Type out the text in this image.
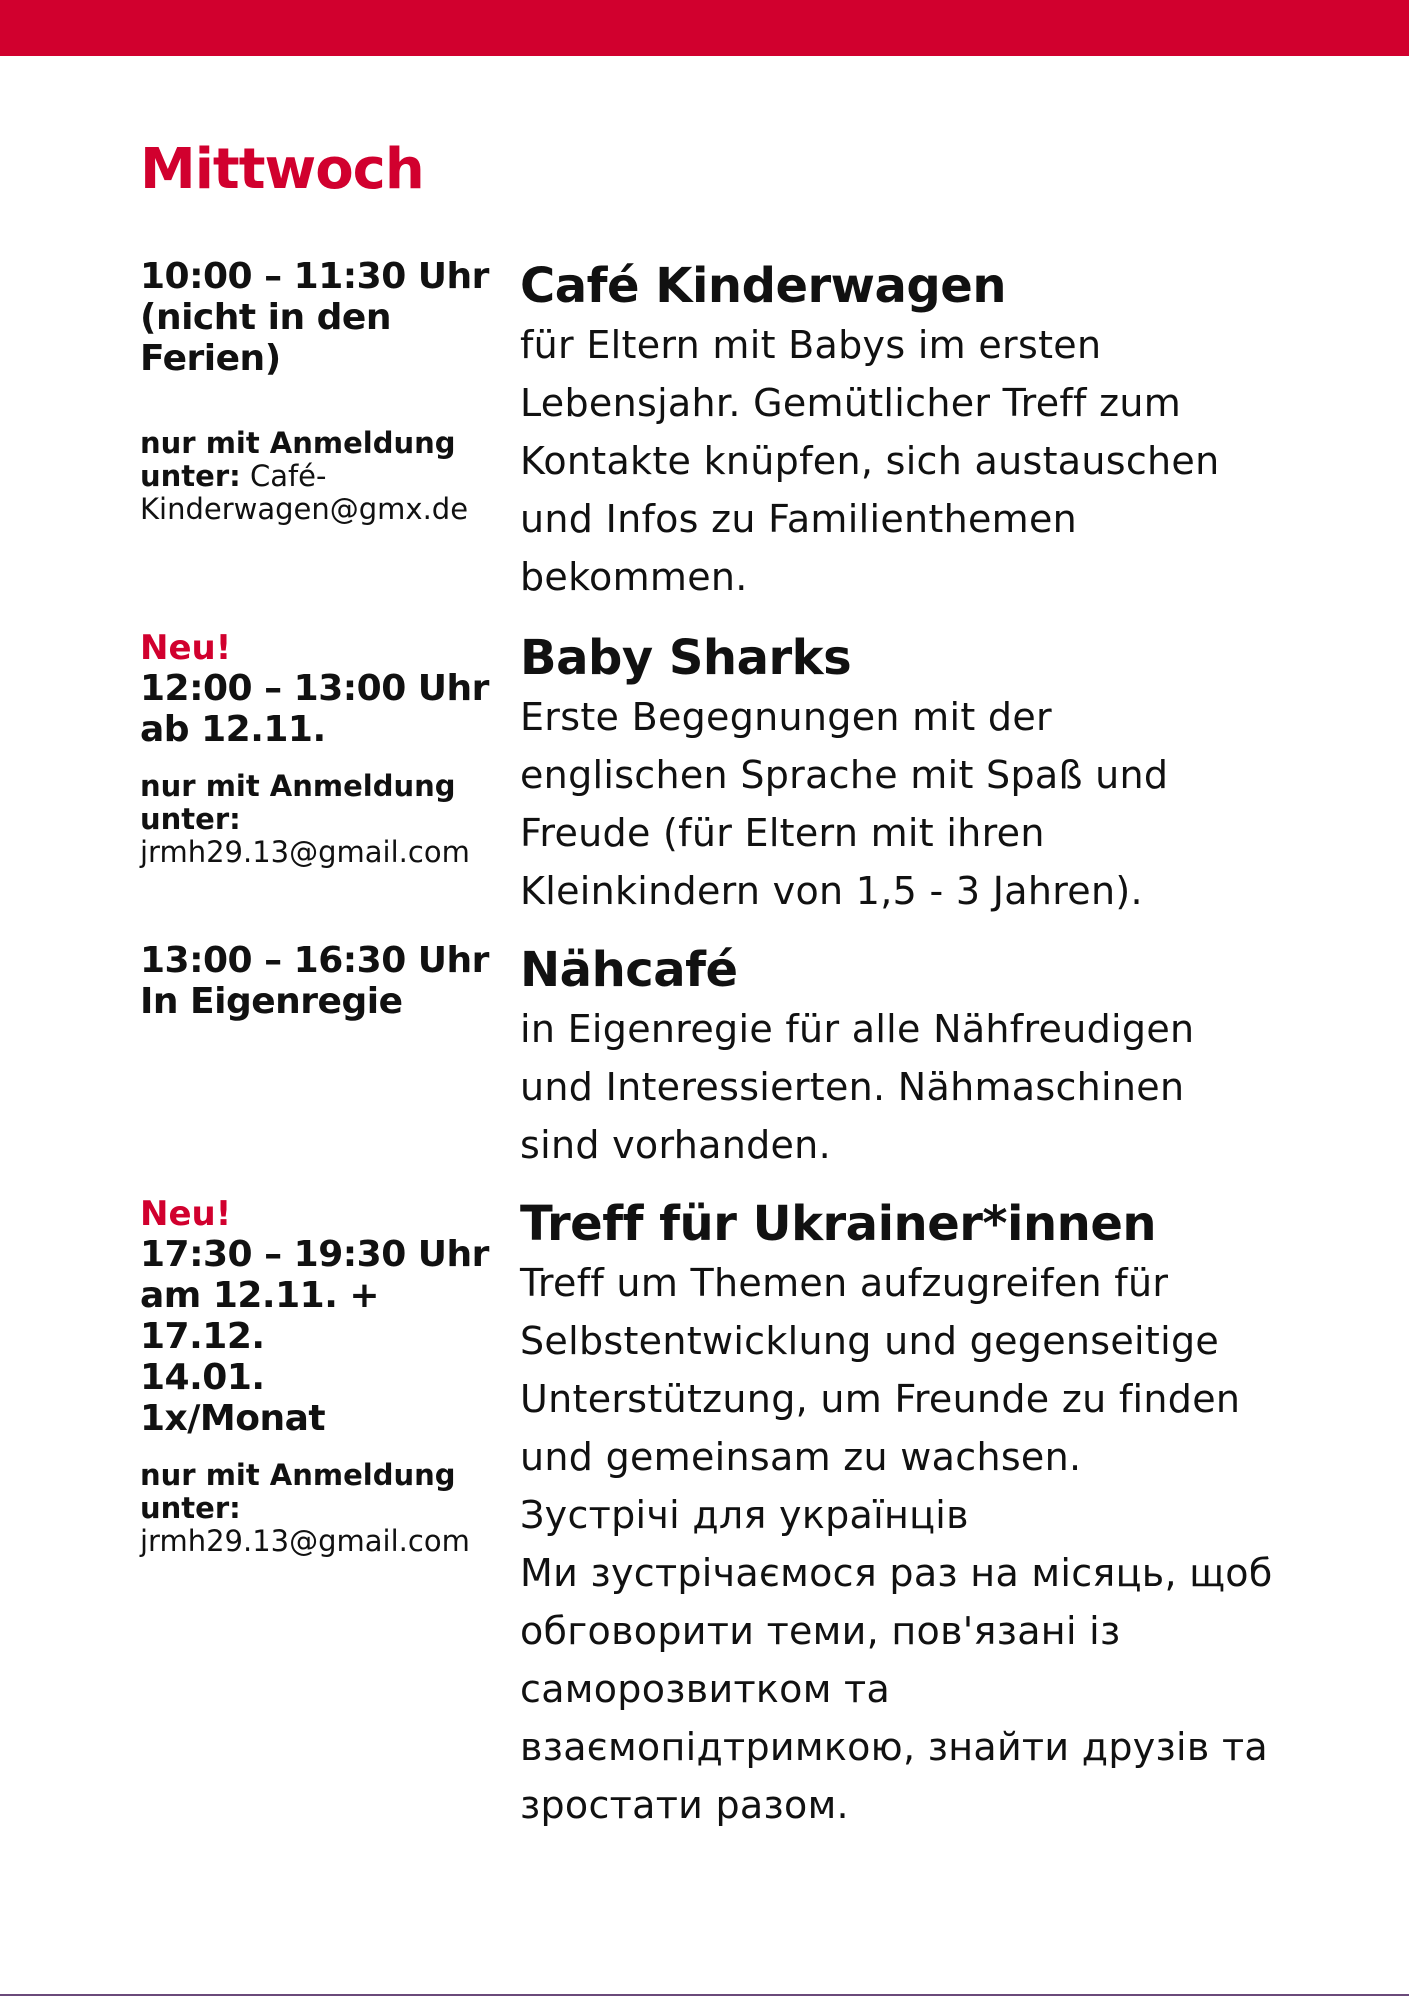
Mittwoch
10:00 – 11:30 Uhr
(nicht in den Ferien)
nur mit Anmeldung
unter: Café-
Kinderwagen@gmx.de
Café Kinderwagen
für Eltern mit Babys im ersten
Lebensjahr. Gemütlicher Treff zum
Kontakte knüpfen, sich austauschen
und Infos zu Familienthemen
bekommen.
Neu!
12:00 – 13:00 Uhr
ab 12.11.
nur mit Anmeldung
unter:
jrmh29.13@gmail.com
Baby Sharks
Erste Begegnungen mit der
englischen Sprache mit Spaß und
Freude (für Eltern mit ihren
Kleinkindern von 1,5 - 3 Jahren).
13:00 – 16:30 Uhr
In Eigenregie
Nähcafé
in Eigenregie für alle Nähfreudigen
und Interessierten. Nähmaschinen
sind vorhanden.
Neu!
17:30 – 19:30 Uhr
am 12.11. + 17.12.
14.01.
1x/Monat
nur mit Anmeldung
unter:
jrmh29.13@gmail.com
Treff für Ukrainer*innen
Treff um Themen aufzugreifen für
Selbstentwicklung und gegenseitige
Unterstützung, um Freunde zu finden
und gemeinsam zu wachsen.
Зустрічі для українців
Ми зустрічаємося раз на місяць, щоб
обговорити теми, пов'язані із
саморозвитком та
взаємопідтримкою, знайти друзів та
зростати разом.
